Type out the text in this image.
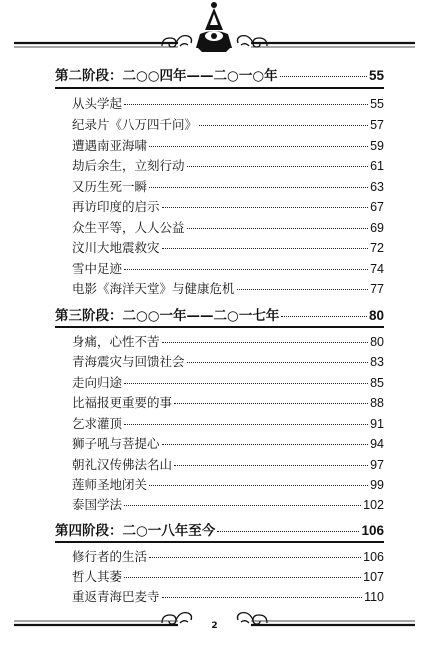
第二阶段：二○○四年——二○一○年	55
从头学起	55
纪录片《八万四千问》	57
遭遇南亚海啸	59
劫后余生，立刻行动	61
又历生死一瞬	63
再访印度的启示	67
众生平等，人人公益	69
汶川大地震救灾	72
雪中足迹	74
电影《海洋天堂》与健康危机	77
第三阶段：二○○一年——二○一七年	80
身痛，心性不苦	80
青海震灾与回馈社会	83
走向归途	85
比福报更重要的事	88
乞求灌顶	91
狮子吼与菩提心	94
朝礼汉传佛法名山	97
莲师圣地闭关	99
泰国学法	102
第四阶段：二○一八年至今	106
修行者的生活	106
哲人其萎	107
重返青海巴麦寺	110
2
